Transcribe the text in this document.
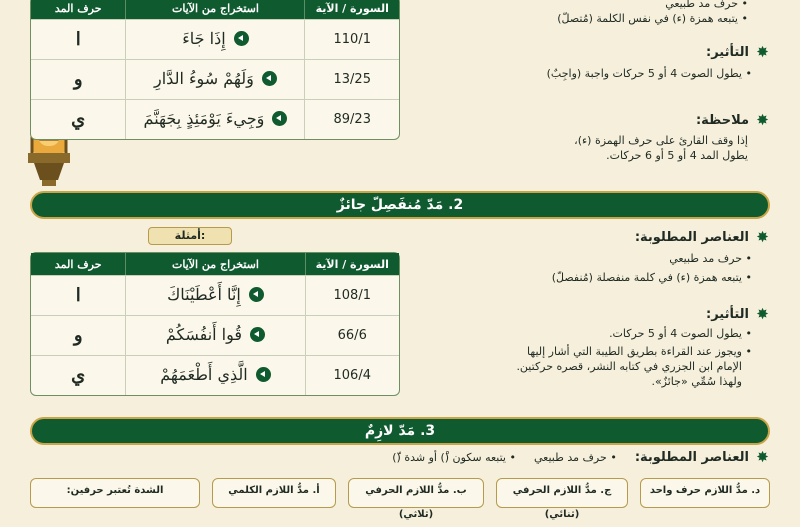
السورة / الآية	استخراج من الآيات	حرف المد
110/1	إِذَا جَاءَ	ا
13/25	وَلَهُمْ سُوءُ الدَّارِ	و
89/23	وَجِيءَ يَوْمَئِذٍ بِجَهَنَّمَ	ي
• حرف مد طبيعي
• يتبعه همزة (ء) في نفس الكلمة (مُتصلّ)
✸
التأثير:
• يطول الصوت 4 أو 5 حركات واجبة (واجِبٌ)
✸
ملاحظة:
إذا وقف القارئ على حرف الهمزة (ء)،
يطول المد 4 أو 5 أو 6 حركات.
2. مَدّ مُنفَصِلّ جائزٌ
أمثلة:
السورة / الآية	استخراج من الآيات	حرف المد
108/1	إِنَّا أَعْطَيْنَاكَ	ا
66/6	قُوا أَنفُسَكُمْ	و
106/4	الَّذِي أَطْعَمَهُمْ	ي
✸
العناصر المطلوبة:
• حرف مد طبيعي
• يتبعه همزة (ء) في كلمة منفصلة (مُنفصلّ)
✸
التأثير:
• يطول الصوت 4 أو 5 حركات.
• ويجوز عند القراءة بطريق الطيبة التي أشار إليها
الإمام ابن الجزري في كتابه النشر، قصره حركتين.
ولهذا سُمِّي «جائزٌ».
3. مَدّ لازِمٌ
✸
العناصر المطلوبة:
• حرف مد طبيعي
• يتبعه سكون (ْ) أو شدة (ّ)
د. مدُّ اللازم حرف واحد
ج. مدُّ اللازم الحرفي (ثنائي)
ب. مدُّ اللازم الحرفي (ثلاثي)
أ. مدُّ اللازم الكلمي
الشدة تُعتبر حرفين:
